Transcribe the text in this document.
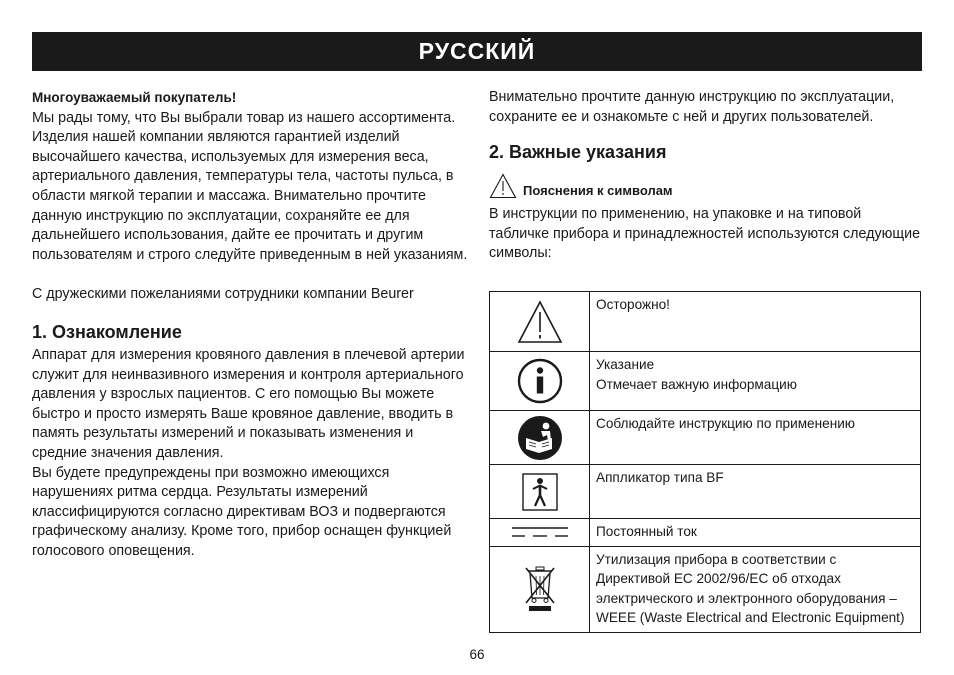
РУССКИЙ
Многоуважаемый покупатель!

Мы рады тому, что Вы выбрали товар из нашего ассортимента. Изделия нашей компании являются гарантией изделий высочайшего качества, используемых для измерения веса, артериального давления, температуры тела, частоты пульса, в области мягкой терапии и массажа. Внимательно прочтите данную инструкцию по эксплуатации, сохраняйте ее для дальнейшего использования, дайте ее прочитать и другим пользователям и строго следуйте приведенным в ней указаниям.

С дружескими пожеланиями сотрудники компании Beurer

1. Ознакомление

Аппарат для измерения кровяного давления в плечевой артерии служит для неинвазивного измерения и контроля артериального давления у взрослых пациентов. С его помощью Вы можете быстро и просто измерять Ваше кровяное давление, вводить в память результаты измерений и показывать изменения и средние значения давления.

Вы будете предупреждены при возможно имеющихся нарушениях ритма сердца. Результаты измерений классифицируются согласно директивам ВОЗ и подвергаются графическому анализу. Кроме того, прибор оснащен функцией голосового оповещения.

Внимательно прочтите данную инструкцию по эксплуатации, сохраните ее и ознакомьте с ней и других пользователей.

2. Важные указания
Пояснения к символам

В инструкции по применению, на упаковке и на типовой табличке прибора и принадлежностей используются следующие символы:

	Осторожно!

Указание
Отмечает важную информацию

	Соблюдайте инструкцию по применению

	Аппликатор типа BF

	Постоянный ток

	Утилизация прибора в соответствии с Директивой ЕС 2002/96/ЕС об отходах электрического и электронного оборудования – WEEE (Waste Electrical and Electronic Equipment)
66
